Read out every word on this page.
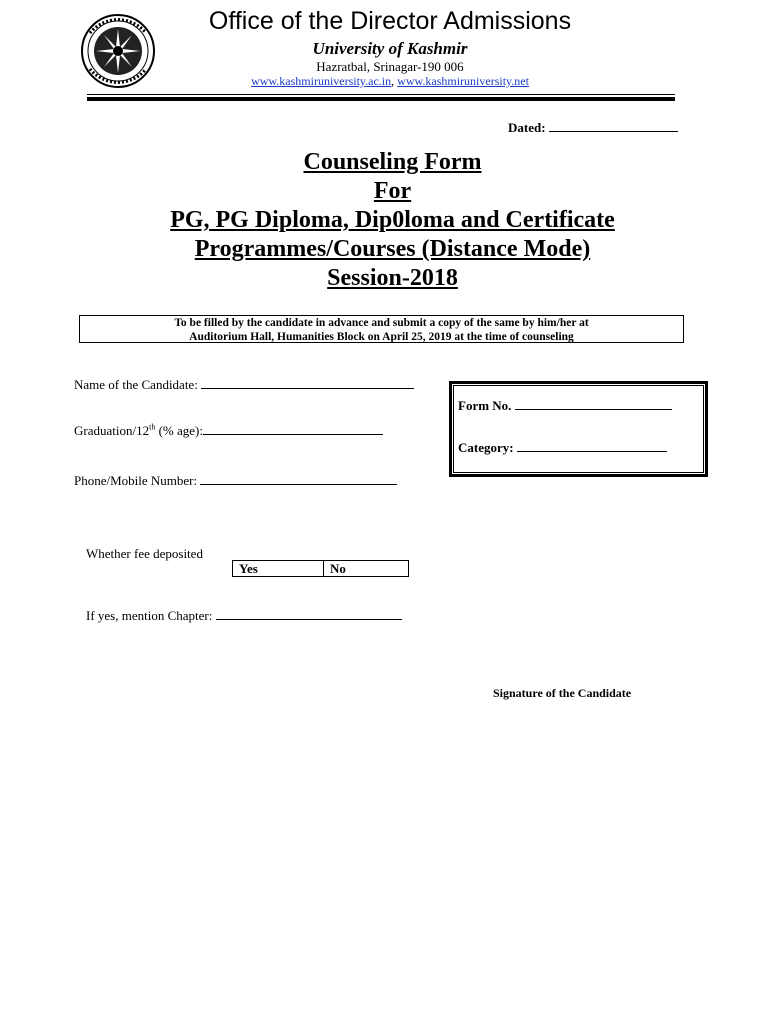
Office of the Director Admissions
University of Kashmir
Hazratbal, Srinagar-190 006
www.kashmiruniversity.ac.in, www.kashmiruniversity.net
Dated:
Counseling Form
For
PG, PG Diploma, Dip0loma and Certificate
Programmes/Courses (Distance Mode)
Session-2018
To be filled by the candidate in advance and submit a copy of the same by him/her at
Auditorium Hall, Humanities Block on April 25, 2019 at the time of counseling
Name of the Candidate:
Graduation/12th (% age):
Phone/Mobile Number:
Form No.
Category:
Whether fee deposited
Yes	No
If yes, mention Chapter:
Signature of the Candidate
